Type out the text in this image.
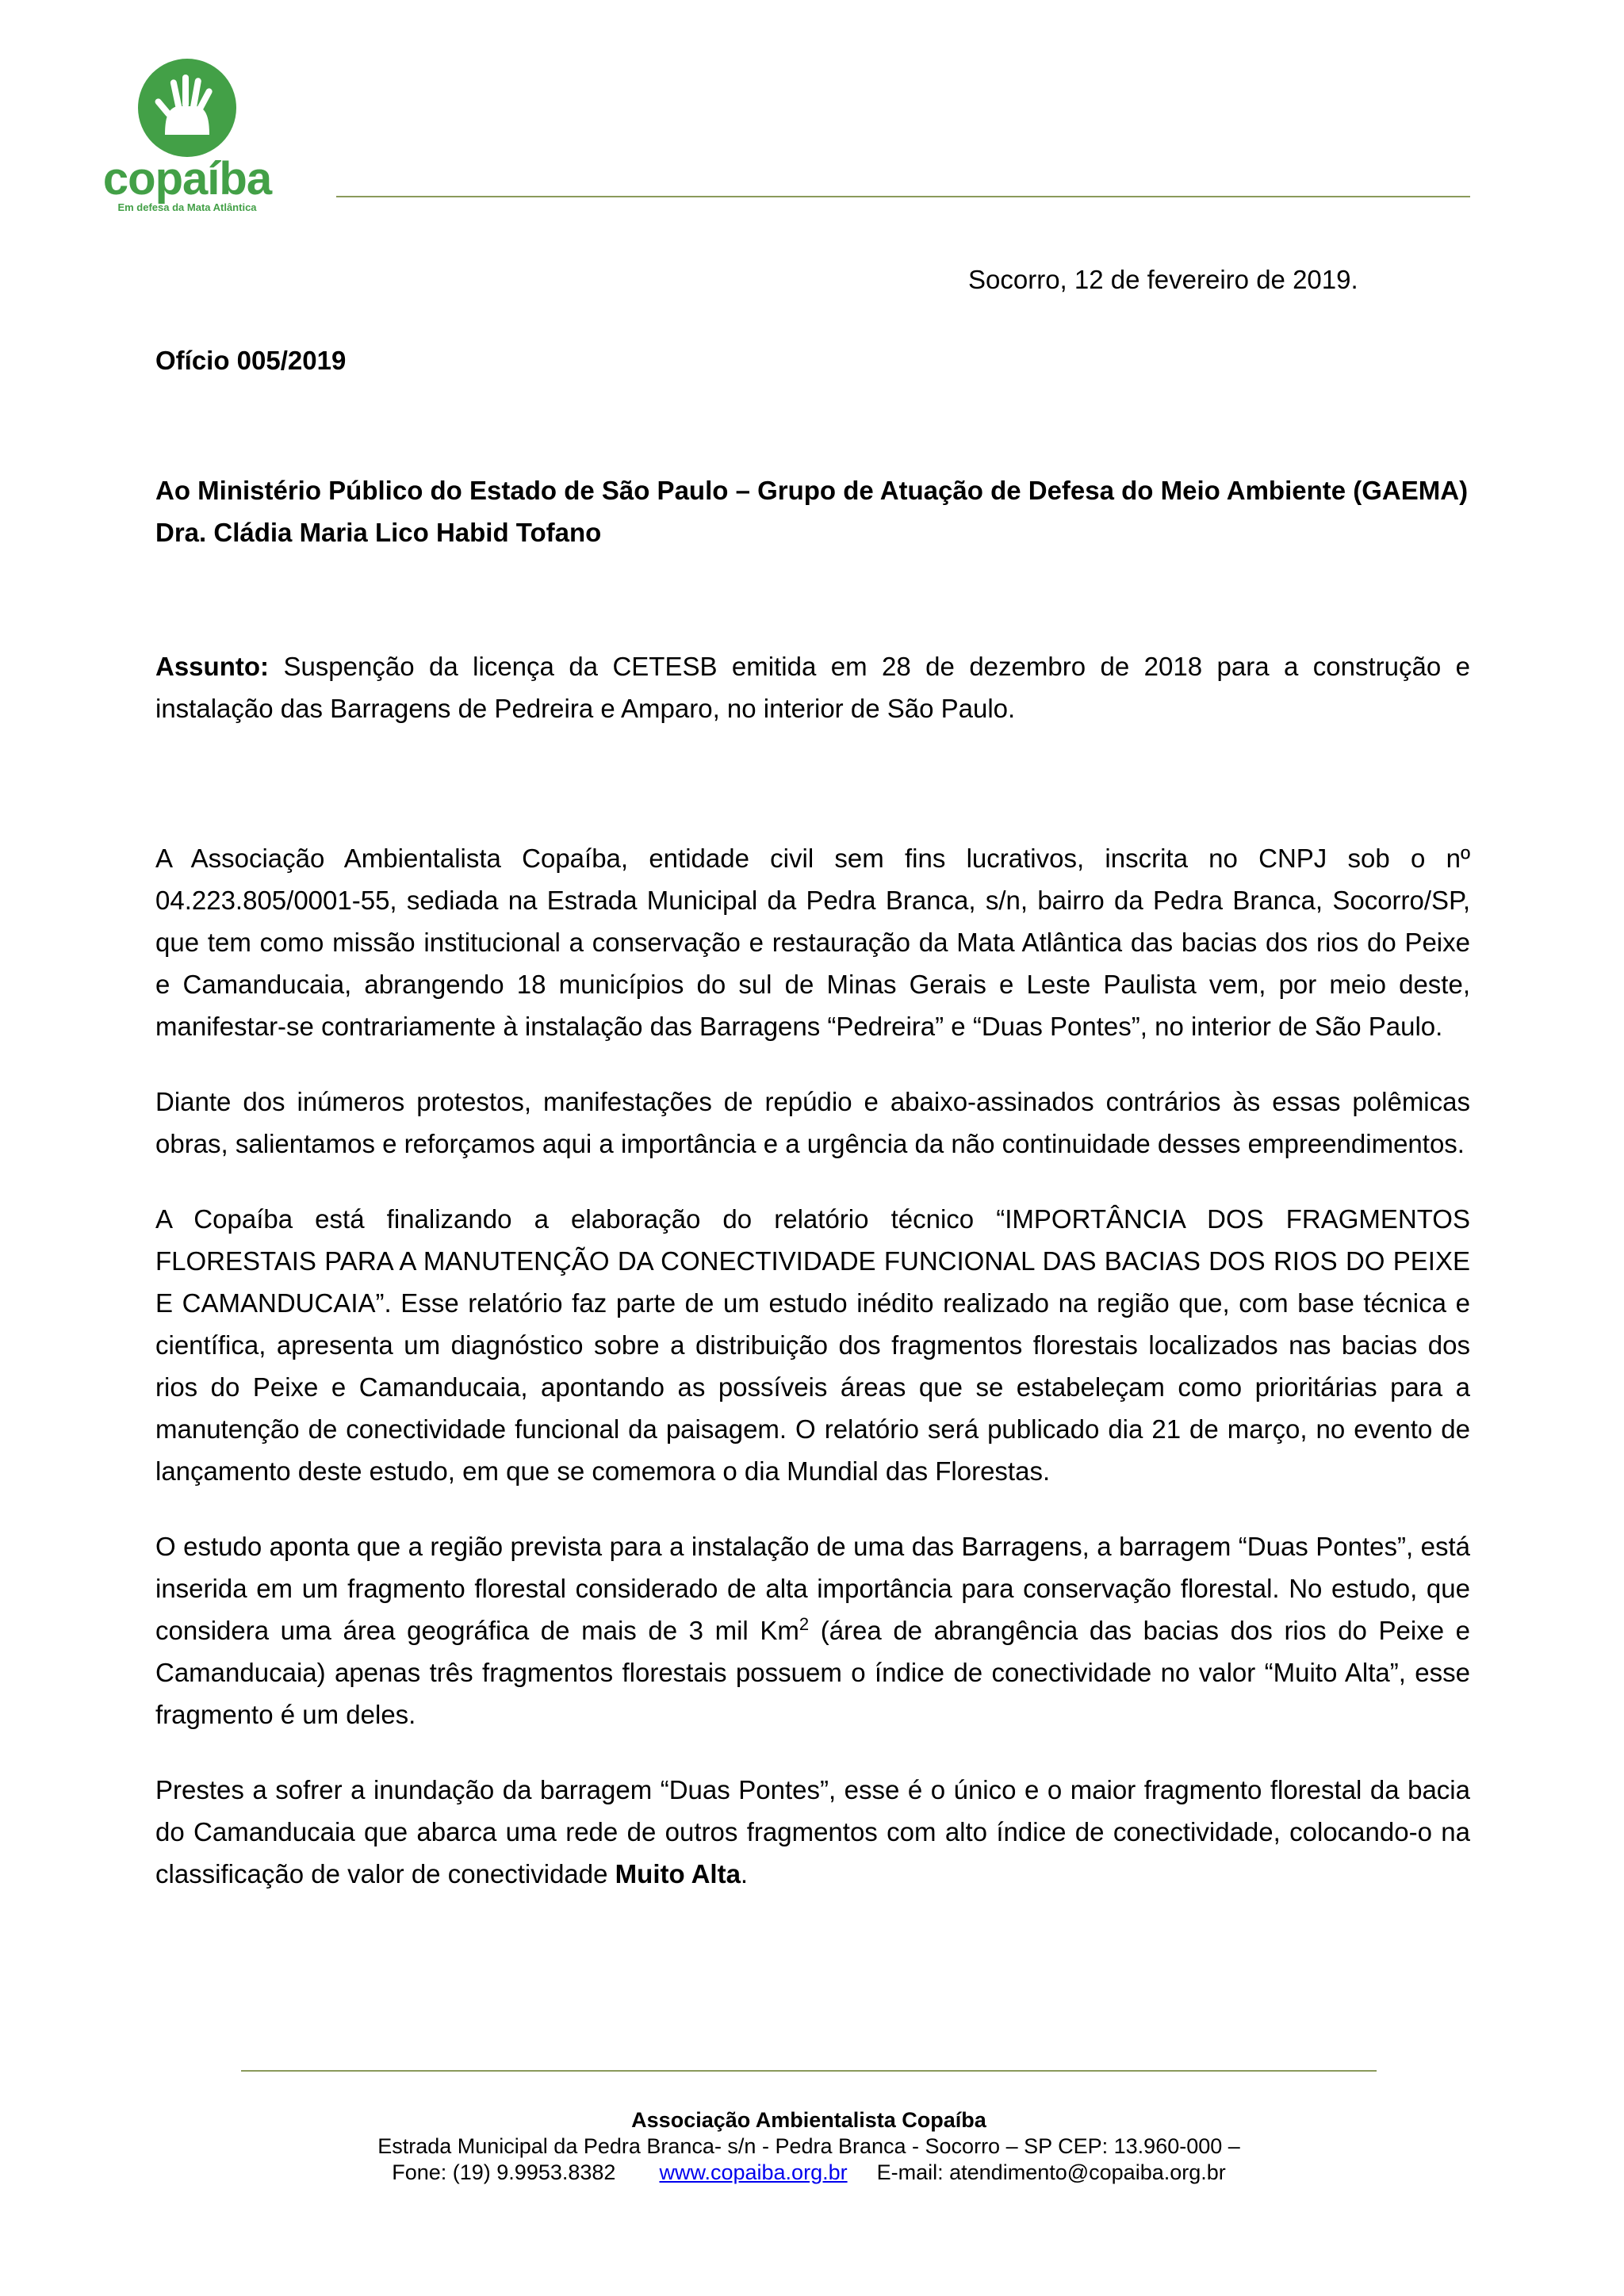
copaíba
Em defesa da Mata Atlântica
Socorro, 12 de fevereiro de 2019.
Ofício 005/2019

Ao Ministério Público do Estado de São Paulo – Grupo de Atuação de Defesa do Meio Ambiente (GAEMA)

Dra. Cládia Maria Lico Habid Tofano

Assunto: Suspenção da licença da CETESB emitida em 28 de dezembro de 2018 para a construção e instalação das Barragens de Pedreira e Amparo, no interior de São Paulo.

A Associação Ambientalista Copaíba, entidade civil sem fins lucrativos, inscrita no CNPJ sob o nº 04.223.805/0001-55, sediada na Estrada Municipal da Pedra Branca, s/n, bairro da Pedra Branca, Socorro/SP, que tem como missão institucional a conservação e restauração da Mata Atlântica das bacias dos rios do Peixe e Camanducaia, abrangendo 18 municípios do sul de Minas Gerais e Leste Paulista vem, por meio deste, manifestar-se contrariamente à instalação das Barragens “Pedreira” e “Duas Pontes”, no interior de São Paulo.

Diante dos inúmeros protestos, manifestações de repúdio e abaixo-assinados contrários às essas polêmicas obras, salientamos e reforçamos aqui a importância e a urgência da não continuidade desses empreendimentos.

A Copaíba está finalizando a elaboração do relatório técnico “IMPORTÂNCIA DOS FRAGMENTOS FLORESTAIS PARA A MANUTENÇÃO DA CONECTIVIDADE FUNCIONAL DAS BACIAS DOS RIOS DO PEIXE E CAMANDUCAIA”. Esse relatório faz parte de um estudo inédito realizado na região que, com base técnica e científica, apresenta um diagnóstico sobre a distribuição dos fragmentos florestais localizados nas bacias dos rios do Peixe e Camanducaia, apontando as possíveis áreas que se estabeleçam como prioritárias para a manutenção de conectividade funcional da paisagem. O relatório será publicado dia 21 de março, no evento de lançamento deste estudo, em que se comemora o dia Mundial das Florestas.

O estudo aponta que a região prevista para a instalação de uma das Barragens, a barragem “Duas Pontes”, está inserida em um fragmento florestal considerado de alta importância para conservação florestal. No estudo, que considera uma área geográfica de mais de 3 mil Km$^2$ (área de abrangência das bacias dos rios do Peixe e Camanducaia) apenas três fragmentos florestais possuem o índice de conectividade no valor “Muito Alta”, esse fragmento é um deles.

Prestes a sofrer a inundação da barragem “Duas Pontes”, esse é o único e o maior fragmento florestal da bacia do Camanducaia que abarca uma rede de outros fragmentos com alto índice de conectividade, colocando-o na classificação de valor de conectividade Muito Alta.

Associação Ambientalista Copaíba
Estrada Municipal da Pedra Branca- s/n - Pedra Branca - Socorro – SP CEP: 13.960-000 –
Fone: (19) 9.9953.8382 www.copaiba.org.br E-mail: atendimento@copaiba.org.br
